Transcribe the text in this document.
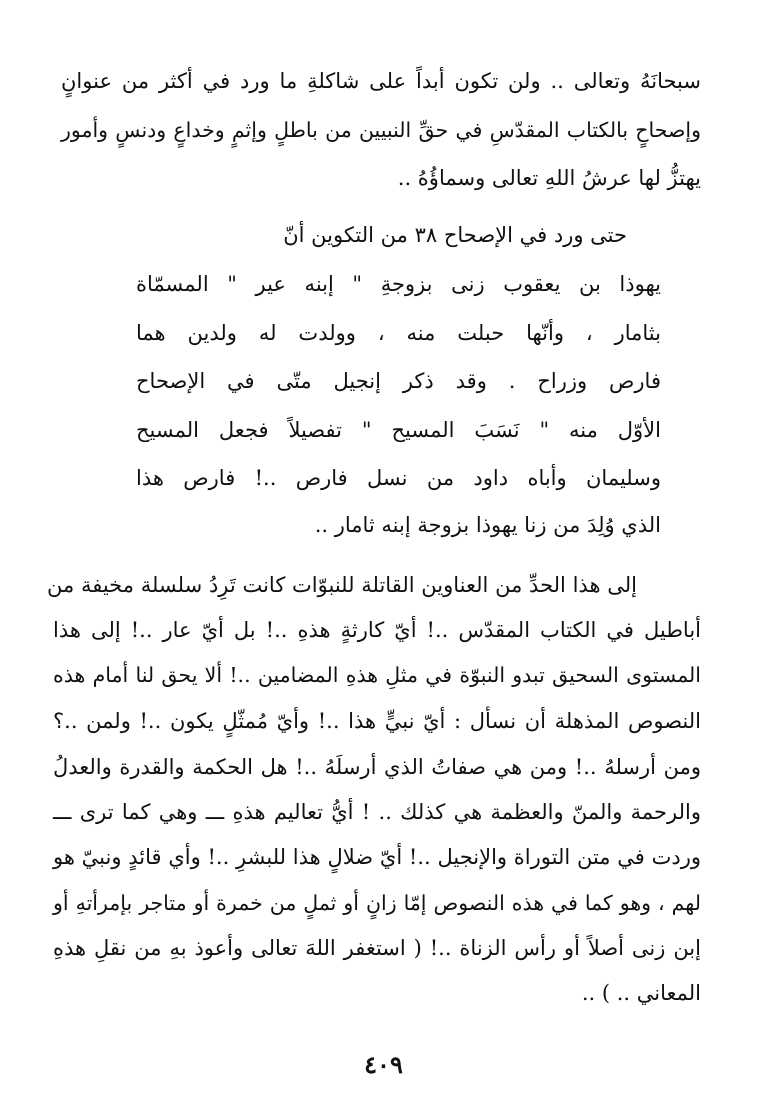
سبحانَهُ وتعالى .. ولن تكون أبداً على شاكلةِ ما ورد في أكثر من عنوانٍ
وإصحاحٍ بالكتاب المقدّسِ في حقِّ النبيين من باطلٍ وإثمٍ وخداعٍ ودنسٍ وأمور
يهتزُّ لها عرشُ اللهِ تعالى وسماؤُهُ ..
حتى ورد في الإصحاح ٣٨ من التكوين أنّ
يهوذا بن يعقوب زنى بزوجةِ " إبنه عير " المسمّاة
بثامار ، وأنّها حبلت منه ، وولدت له ولدين هما
فارص وزراح . وقد ذكر إنجيل متّى في الإصحاح
الأوّل منه " نَسَبَ المسيح " تفصيلاً فجعل المسيح
وسليمان وأباه داود من نسل فارص ..! فارص هذا
الذي وُلِدَ من زنا يهوذا بزوجة إبنه ثامار ..
إلى هذا الحدِّ من العناوين القاتلة للنبوّات كانت تَرِدُ سلسلة مخيفة من
أباطيل في الكتاب المقدّس ..! أيّ كارثةٍ هذهِ ..! بل أيّ عار ..! إلى هذا
المستوى السحيق تبدو النبوّة في مثلِ هذهِ المضامين ..! ألا يحق لنا أمام هذه
النصوص المذهلة أن نسأل : أيّ نبيٍّ هذا ..! وأيّ مُمثّلٍ يكون ..! ولمن ..؟
ومن أرسلهُ ..! ومن هي صفاتُ الذي أرسلَهُ ..! هل الحكمة والقدرة والعدلُ
والرحمة والمنّ والعظمة هي كذلك .. ! أيُّ تعاليم هذهِ ـــ وهي كما ترى ـــ
وردت في متن التوراة والإنجيل ..! أيّ ضلالٍ هذا للبشرِ ..! وأي قائدٍ ونبيّ هو
لهم ، وهو كما في هذه النصوص إمّا زانٍ أو ثملٍ من خمرة أو متاجر بإمرأتهِ أو
إبن زنى أصلاً أو رأس الزناة ..! ( استغفر اللهَ تعالى وأعوذ بهِ من نقلِ هذهِ
المعاني .. ) ..
٤٠٩
